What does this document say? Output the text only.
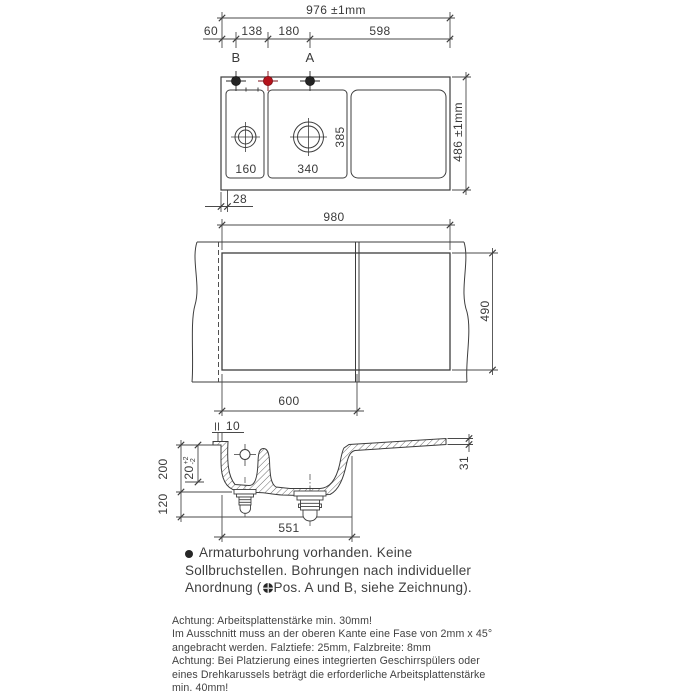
976 ±1mm
60 138 180	598
B	A
486 ±1mm
385
160	340
28
980
490
600
10
200 20
+2 -2
120
551
31
Armaturbohrung vorhanden. Keine
Sollbruchstellen. Bohrungen nach individueller
Anordnung ( Pos. A und B, siehe Zeichnung).
Achtung: Arbeitsplattenstärke min. 30mm!
Im Ausschnitt muss an der oberen Kante eine Fase von 2mm x 45°
angebracht werden. Falztiefe: 25mm, Falzbreite: 8mm
Achtung: Bei Platzierung eines integrierten Geschirrspülers oder
eines Drehkarussels beträgt die erforderliche Arbeitsplattenstärke
min. 40mm!
